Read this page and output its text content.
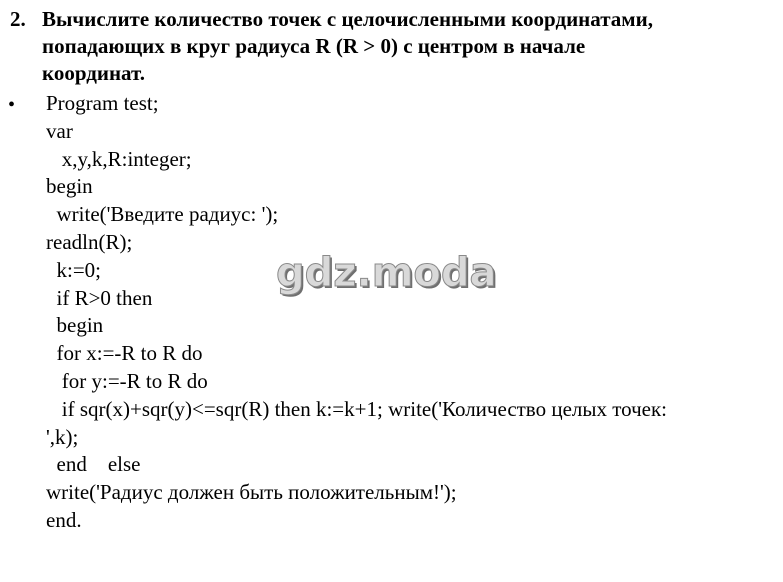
2. Вычислите количество точек с целочисленными координатами,
попадающих в круг радиуса R (R > 0) с центром в начале
координат.
• Program test;
var
x,y,k,R:integer;
begin
write('Введите радиус: ');
readln(R);
k:=0;
if R>0 then
begin
for x:=-R to R do
for y:=-R to R do
if sqr(x)+sqr(y)<=sqr(R) then k:=k+1; write('Количество целых точек:
',k);
end    else
write('Радиус должен быть положительным!');
end.
gdz.moda
